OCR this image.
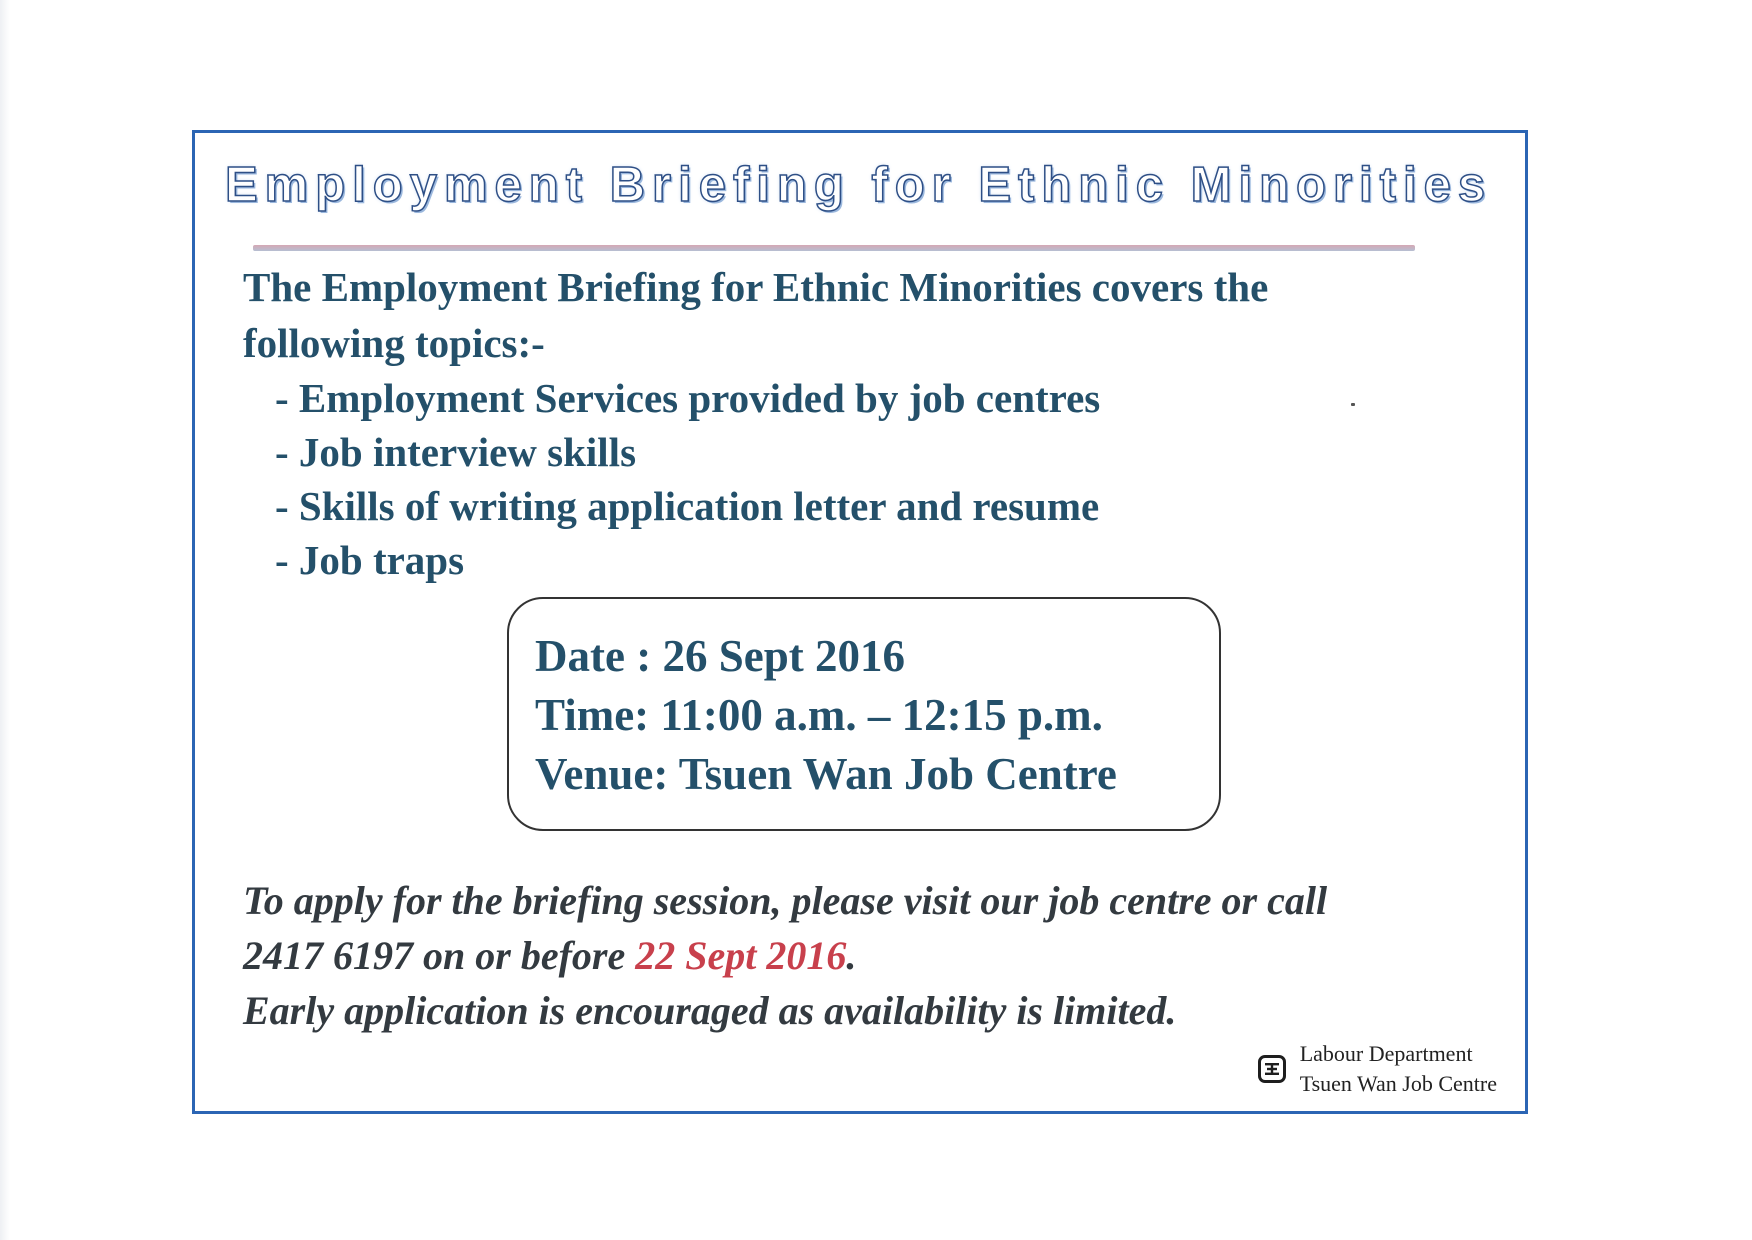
Employment Briefing for Ethnic Minorities

The Employment Briefing for Ethnic Minorities covers the following topics:-

- Employment Services provided by job centres
- Job interview skills
- Skills of writing application letter and resume
- Job traps
Date : 26 Sept 2016
Time: 11:00 a.m. – 12:15 p.m.
Venue: Tsuen Wan Job Centre
To apply for the briefing session, please visit our job centre or call 2417 6197 on or before 22 Sept 2016.
Early application is encouraged as availability is limited.
Labour Department
Tsuen Wan Job Centre
